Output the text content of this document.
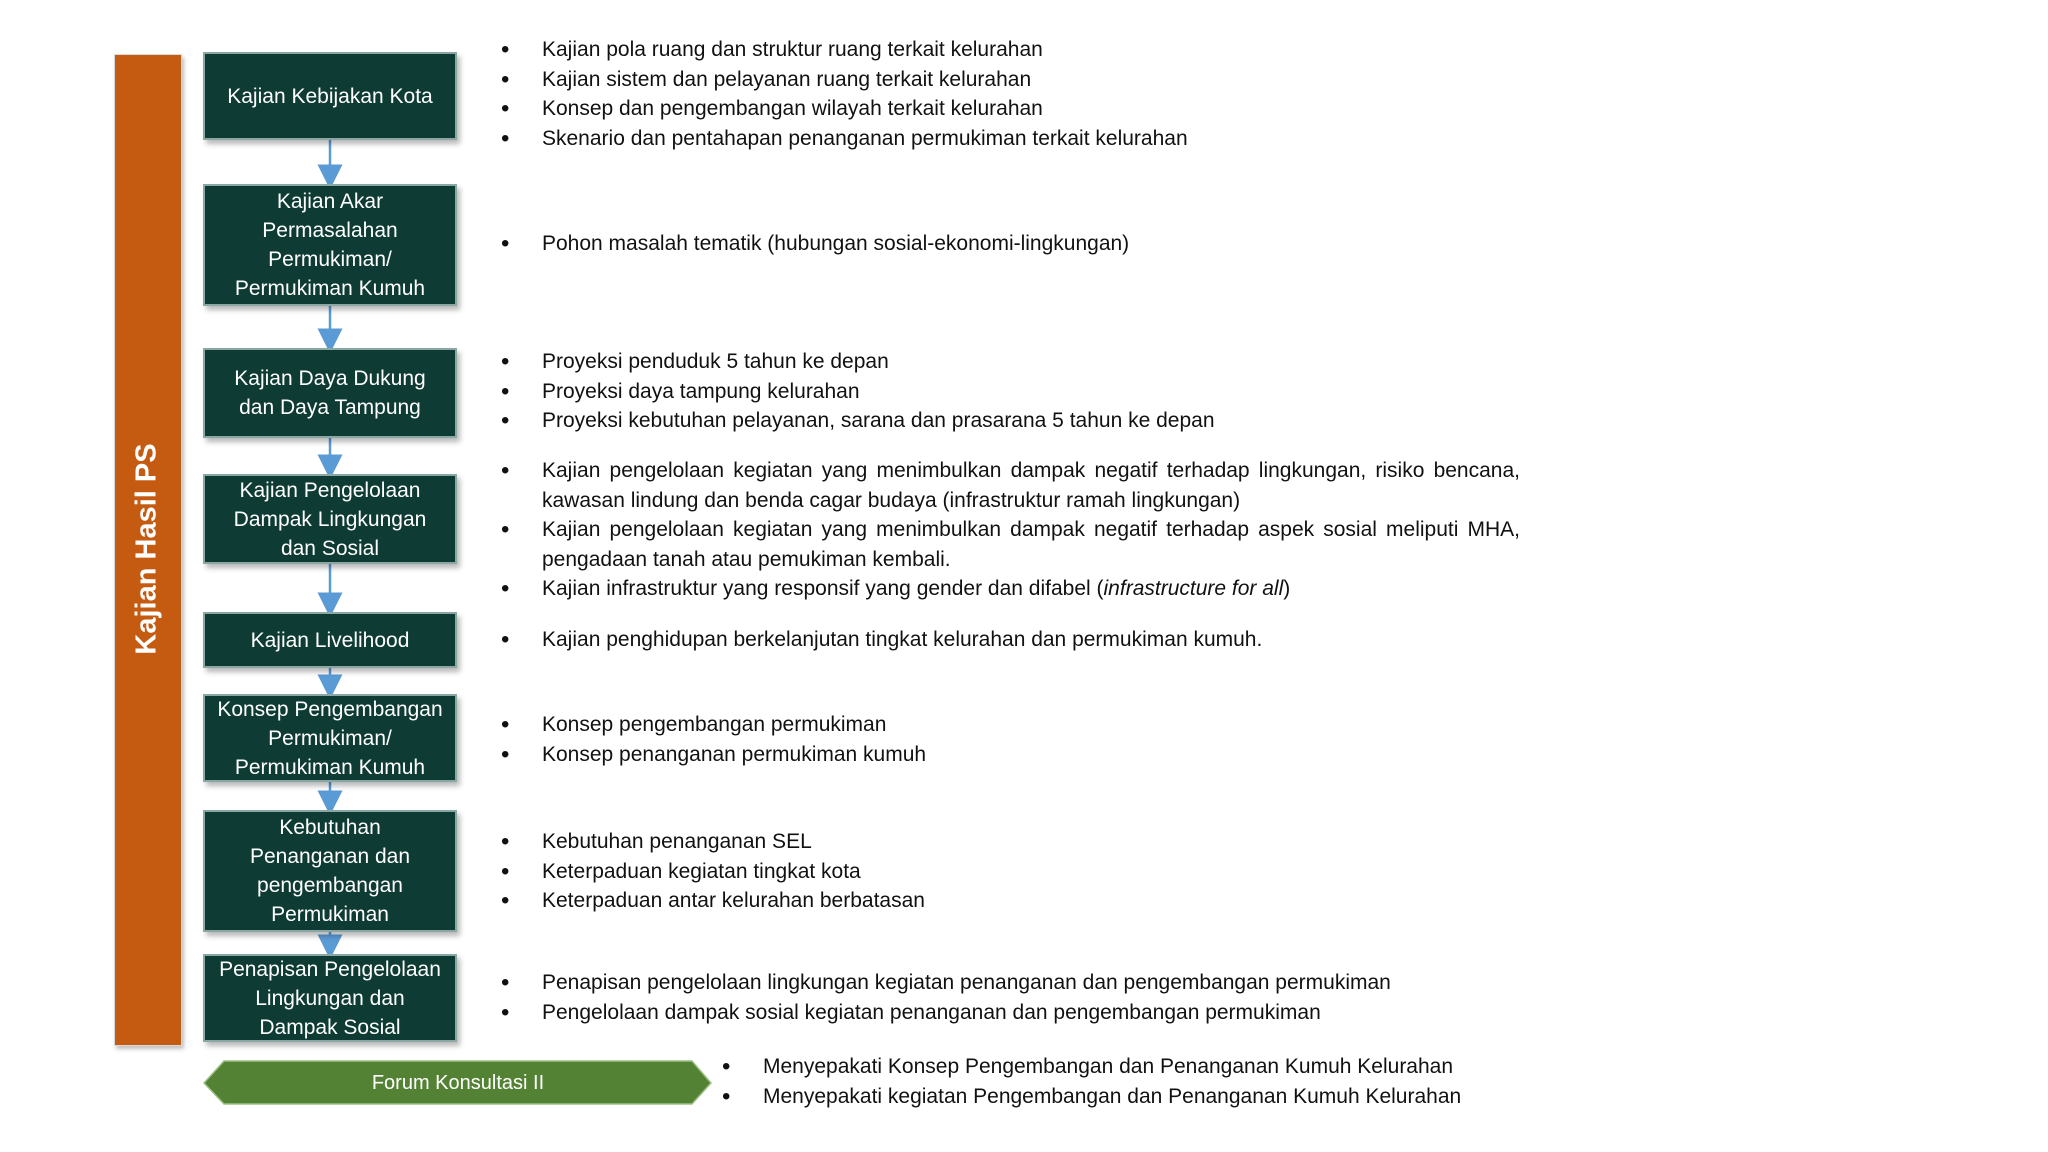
Kajian Hasil PS
Kajian Kebijakan Kota
Kajian Akar
Permasalahan
Permukiman/
Permukiman Kumuh
Kajian Daya Dukung
dan Daya Tampung
Kajian Pengelolaan
Dampak Lingkungan
dan Sosial
Kajian Livelihood
Konsep Pengembangan
Permukiman/
Permukiman Kumuh
Kebutuhan
Penanganan dan
pengembangan
Permukiman
Penapisan Pengelolaan
Lingkungan dan
Dampak Sosial
Forum Konsultasi II
• Kajian pola ruang dan struktur ruang terkait kelurahan
• Kajian sistem dan pelayanan ruang terkait kelurahan
• Konsep dan pengembangan wilayah terkait kelurahan
• Skenario dan pentahapan penanganan permukiman terkait kelurahan
• Pohon masalah tematik (hubungan sosial-ekonomi-lingkungan)
• Proyeksi penduduk 5 tahun ke depan
• Proyeksi daya tampung kelurahan
• Proyeksi kebutuhan pelayanan, sarana dan prasarana 5 tahun ke depan
• Kajian pengelolaan kegiatan yang menimbulkan dampak negatif terhadap lingkungan, risiko bencana, kawasan lindung dan benda cagar budaya (infrastruktur ramah lingkungan)
• Kajian pengelolaan kegiatan yang menimbulkan dampak negatif terhadap aspek sosial meliputi MHA, pengadaan tanah atau pemukiman kembali.
• Kajian infrastruktur yang responsif yang gender dan difabel (infrastructure for all)
• Kajian penghidupan berkelanjutan tingkat kelurahan dan permukiman kumuh.
• Konsep pengembangan permukiman
• Konsep penanganan permukiman kumuh
• Kebutuhan penanganan SEL
• Keterpaduan kegiatan tingkat kota
• Keterpaduan antar kelurahan berbatasan
• Penapisan pengelolaan lingkungan kegiatan penanganan dan pengembangan permukiman
• Pengelolaan dampak sosial kegiatan penanganan dan pengembangan permukiman
• Menyepakati Konsep Pengembangan dan Penanganan Kumuh Kelurahan
• Menyepakati kegiatan Pengembangan dan Penanganan Kumuh Kelurahan
